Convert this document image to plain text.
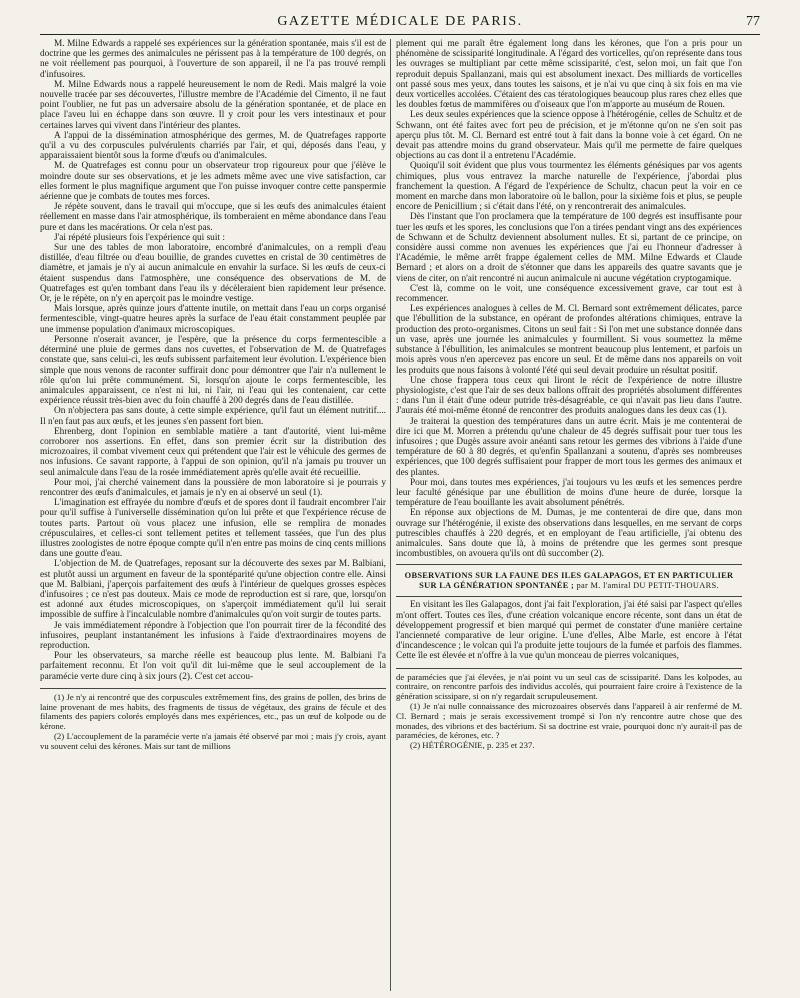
GAZETTE MÉDICALE DE PARIS.	77

M. Milne Edwards a rappelé ses expériences sur la génération spontanée, mais s'il est de doctrine que les germes des animalcules ne périssent pas à la température de 100 degrés, on ne voit réellement pas pourquoi, à l'ouverture de son appareil, il ne l'a pas trouvé rempli d'infusoires.

M. Milne Edwards nous a rappelé heureusement le nom de Redi. Mais malgré la voie nouvelle tracée par ses découvertes, l'illustre membre de l'Académie del Cimento, il ne faut point l'oublier, ne fut pas un adversaire absolu de la génération spontanée, et de place en place l'aveu lui en échappe dans son œuvre. Il y croit pour les vers intestinaux et pour certaines larves qui vivent dans l'intérieur des plantes.

A l'appui de la dissémination atmosphérique des germes, M. de Quatrefages rapporte qu'il a vu des corpuscules pulvérulents charriés par l'air, et qui, déposés dans l'eau, y apparaissaient bientôt sous la forme d'œufs ou d'animalcules.

M. de Quatrefages est connu pour un observateur trop rigoureux pour que j'élève le moindre doute sur ses observations, et je les admets même avec une vive satisfaction, car elles forment le plus magnifique argument que l'on puisse invoquer contre cette panspermie aérienne que je combats de toutes mes forces.

Je répète souvent, dans le travail qui m'occupe, que si les œufs des animalcules étaient réellement en masse dans l'air atmosphérique, ils tomberaient en même abondance dans l'eau pure et dans les macérations. Or cela n'est pas.

J'ai répété plusieurs fois l'expérience qui suit :

Sur une des tables de mon laboratoire, encombré d'animalcules, on a rempli d'eau distillée, d'eau filtrée ou d'eau bouillie, de grandes cuvettes en cristal de 30 centimètres de diamètre, et jamais je n'y ai aucun animalcule en envahir la surface. Si les œufs de ceux-ci étaient suspendus dans l'atmosphère, une conséquence des observations de M. de Quatrefages est qu'en tombant dans l'eau ils y décèleraient bien rapidement leur présence. Or, je le répète, on n'y en aperçoit pas le moindre vestige.

Mais lorsque, après quinze jours d'attente inutile, on mettait dans l'eau un corps organisé fermentescible, vingt-quatre heures après la surface de l'eau était constamment peuplée par une immense population d'animaux microscopiques.

Personne n'oserait avancer, je l'espère, que la présence du corps fermentescible a déterminé une pluie de germes dans nos cuvettes, et l'observation de M. de Quatrefages constate que, sans celui-ci, les œufs subissent parfaitement leur évolution. L'expérience bien simple que nous venons de raconter suffirait donc pour démontrer que l'air n'a nullement le rôle qu'on lui prête communément. Si, lorsqu'on ajoute le corps fermentescible, les animalcules apparaissent, ce n'est ni lui, ni l'air, ni l'eau qui les contenaient, car cette expérience réussit très-bien avec du foin chauffé à 200 degrés dans de l'eau distillée.

On n'objectera pas sans doute, à cette simple expérience, qu'il faut un élément nutritif.... Il n'en faut pas aux œufs, et les jeunes s'en passent fort bien.

Ehrenberg, dont l'opinion en semblable matière a tant d'autorité, vient lui-même corroborer nos assertions. En effet, dans son premier écrit sur la distribution des microzoaires, il combat vivement ceux qui prétendent que l'air est le véhicule des germes de nos infusions. Ce savant rapporte, à l'appui de son opinion, qu'il n'a jamais pu trouver un seul animalcule dans l'eau de la rosée immédiatement après qu'elle avait été recueillie.

Pour moi, j'ai cherché vainement dans la poussière de mon laboratoire si je pourrais y rencontrer des œufs d'animalcules, et jamais je n'y en ai observé un seul (1).

L'imagination est effrayée du nombre d'œufs et de spores dont il faudrait encombrer l'air pour qu'il suffise à l'universelle dissémination qu'on lui prête et que l'expérience récuse de toutes parts. Partout où vous placez une infusion, elle se remplira de monades crépusculaires, et celles-ci sont tellement petites et tellement tassées, que l'un des plus illustres zoologistes de notre époque compte qu'il n'en entre pas moins de cinq cents millions dans une goutte d'eau.

L'objection de M. de Quatrefages, reposant sur la découverte des sexes par M. Balbiani, est plutôt aussi un argument en faveur de la spontéparité qu'une objection contre elle. Ainsi que M. Balbiani, j'aperçois parfaitement des œufs à l'intérieur de quelques grosses espèces d'infusoires ; ce n'est pas douteux. Mais ce mode de reproduction est si rare, que, lorsqu'on est adonné aux études microscopiques, on s'aperçoit immédiatement qu'il lui serait impossible de suffire à l'incalculable nombre d'animalcules qu'on voit surgir de toutes parts.

Je vais immédiatement répondre à l'objection que l'on pourrait tirer de la fécondité des infusoires, peuplant instantanément les infusions à l'aide d'extraordinaires moyens de reproduction.

Pour les observateurs, sa marche réelle est beaucoup plus lente. M. Balbiani l'a parfaitement reconnu. Et l'on voit qu'il dit lui-même que le seul accouplement de la paramécie verte dure cinq à six jours (2). C'est cet accou-

(1) Je n'y ai rencontré que des corpuscules extrêmement fins, des grains de pollen, des brins de laine provenant de mes habits, des fragments de tissus de végétaux, des grains de fécule et des filaments des papiers colorés employés dans mes expériences, etc., pas un œuf de kolpode ou de kérone.

(2) L'accouplement de la paramécie verte n'a jamais été observé par moi ; mais j'y crois, ayant vu souvent celui des kérones. Mais sur tant de millions

plement qui me paraît être également long dans les kérones, que l'on a pris pour un phénomène de scissiparité longitudinale. A l'égard des vorticelles, qu'on représente dans tous les ouvrages se multipliant par cette même scissiparité, c'est, selon moi, un fait que l'on reproduit depuis Spallanzani, mais qui est absolument inexact. Des milliards de vorticelles ont passé sous mes yeux, dans toutes les saisons, et je n'ai vu que cinq à six fois en ma vie deux vorticelles accolées. C'étaient des cas tératologiques beaucoup plus rares chez elles que les doubles fœtus de mammifères ou d'oiseaux que l'on m'apporte au muséum de Rouen.

Les deux seules expériences que la science oppose à l'hétérogénie, celles de Schultz et de Schwann, ont été faites avec fort peu de précision, et je m'étonne qu'on ne s'en soit pas aperçu plus tôt. M. Cl. Bernard est entré tout à fait dans la bonne voie à cet égard. On ne devait pas attendre moins du grand observateur. Mais qu'il me permette de faire quelques objections au cas dont il a entretenu l'Académie.

Quoiqu'il soit évident que plus vous tourmentez les éléments génésiques par vos agents chimiques, plus vous entravez la marche naturelle de l'expérience, j'abordai plus franchement la question. A l'égard de l'expérience de Schultz, chacun peut la voir en ce moment en marche dans mon laboratoire où le ballon, pour la sixième fois et plus, se peuple encore de Penicillium ; si c'était dans l'été, on y rencontrerait des animalcules.

Dès l'instant que l'on proclamera que la température de 100 degrés est insuffisante pour tuer les œufs et les spores, les conclusions que l'on a tirées pendant vingt ans des expériences de Schwann et de Schultz deviennent absolument nulles. Et si, partant de ce principe, on considère aussi comme non avenues les expériences que j'ai eu l'honneur d'adresser à l'Académie, le même arrêt frappe également celles de MM. Milne Edwards et Claude Bernard ; et alors on a droit de s'étonner que dans les appareils des quatre savants que je viens de citer, on n'ait rencontré ni aucun animalcule ni aucune végétation cryptogamique.

C'est là, comme on le voit, une conséquence excessivement grave, car tout est à recommencer.

Les expériences analogues à celles de M. Cl. Bernard sont extrêmement délicates, parce que l'ébullition de la substance, en opérant de profondes altérations chimiques, entrave la production des proto-organismes. Citons un seul fait : Si l'on met une substance donnée dans un vase, après une journée les animalcules y fourmillent. Si vous soumettez la même substance à l'ébullition, les animalcules se montrent beaucoup plus lentement, et parfois un mois après vous n'en apercevez pas encore un seul. Et de même dans nos appareils on voit les produits que nous faisons à volonté l'été qui seul devait produire un résultat positif.

Une chose frappera tous ceux qui liront le récit de l'expérience de notre illustre physiologiste, c'est que l'air de ses deux ballons offrait des propriétés absolument différentes : dans l'un il était d'une odeur putride très-désagréable, ce qui n'avait pas lieu dans l'autre. J'aurais été moi-même étonné de rencontrer des produits analogues dans les deux cas (1).

Je traiterai la question des températures dans un autre écrit. Mais je me contenterai de dire ici que M. Morren a prétendu qu'une chaleur de 45 degrés suffisait pour tuer tous les infusoires ; que Dugès assure avoir anéanti sans retour les germes des vibrions à l'aide d'une température de 60 à 80 degrés, et qu'enfin Spallanzani a soutenu, d'après ses nombreuses expériences, que 100 degrés suffisaient pour frapper de mort tous les germes des animaux et des plantes.

Pour moi, dans toutes mes expériences, j'ai toujours vu les œufs et les semences perdre leur faculté génésique par une ébullition de moins d'une heure de durée, lorsque la température de l'eau bouillante les avait absolument pénétrés.

En réponse aux objections de M. Dumas, je me contenterai de dire que, dans mon ouvrage sur l'hétérogénie, il existe des observations dans lesquelles, en me servant de corps putrescibles chauffés à 220 degrés, et en employant de l'eau artificielle, j'ai obtenu des animalcules. Sans doute que là, à moins de prétendre que les germes sont presque incombustibles, on avouera qu'ils ont dû succomber (2).

OBSERVATIONS SUR LA FAUNE DES ILES GALAPAGOS, ET EN PARTICULIER SUR LA GÉNÉRATION SPONTANÉE ; par M. l'amiral DU PETIT-THOUARS.

En visitant les îles Galapagos, dont j'ai fait l'exploration, j'ai été saisi par l'aspect qu'elles m'ont offert. Toutes ces îles, d'une création volcanique encore récente, sont dans un état de développement progressif et bien marqué qui permet de constater d'une manière certaine l'ancienneté comparative de leur origine. L'une d'elles, Albe Marle, est encore à l'état d'incandescence ; le volcan qui l'a produite jette toujours de la fumée et parfois des flammes. Cette île est élevée et n'offre à la vue qu'un monceau de pierres volcaniques,

de paramécies que j'ai élevées, je n'ai point vu un seul cas de scissiparité. Dans les kolpodes, au contraire, on rencontre parfois des individus accolés, qui pourraient faire croire à l'existence de la génération scissipare, si on n'y regardait scrupuleusement.

(1) Je n'ai nulle connaissance des microzoaires observés dans l'appareil à air renfermé de M. Cl. Bernard ; mais je serais excessivement trompé si l'on n'y rencontre autre chose que des monades, des vibrions et des bactérium. Si sa doctrine est vraie, pourquoi donc n'y aurait-il pas de paramécies, de kérones, etc. ?

(2) HÉTÉROGÉNIE, p. 235 et 237.
